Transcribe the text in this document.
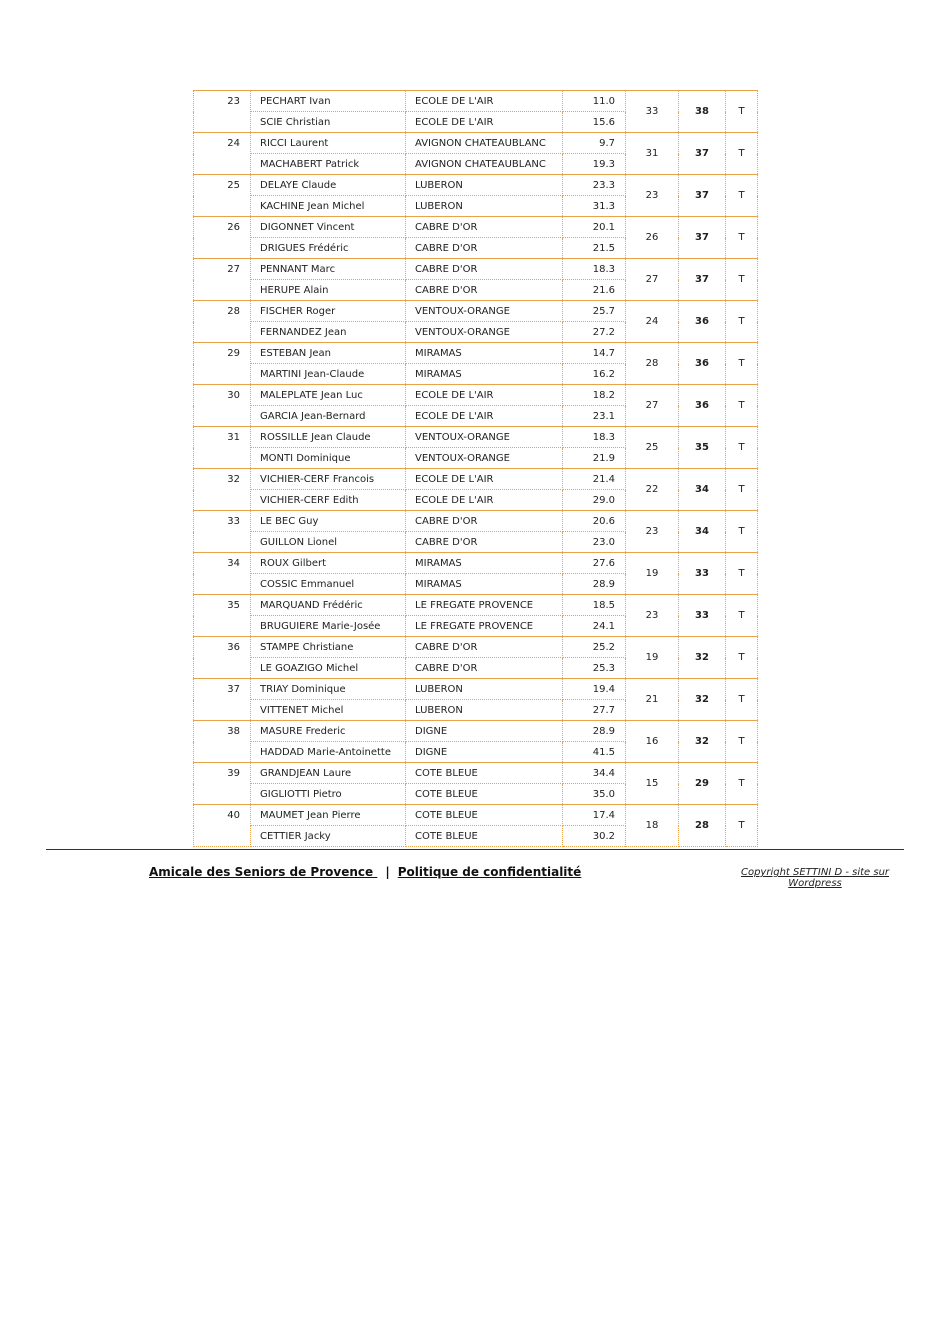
23	PECHART Ivan	ECOLE DE L'AIR	11.0	33	38	T
	SCIE Christian	ECOLE DE L'AIR	15.6			
24	RICCI Laurent	AVIGNON CHATEAUBLANC	9.7	31	37	T
	MACHABERT Patrick	AVIGNON CHATEAUBLANC	19.3			
25	DELAYE Claude	LUBERON	23.3	23	37	T
	KACHINE Jean Michel	LUBERON	31.3			
26	DIGONNET Vincent	CABRE D'OR	20.1	26	37	T
	DRIGUES Frédéric	CABRE D'OR	21.5			
27	PENNANT Marc	CABRE D'OR	18.3	27	37	T
	HERUPE Alain	CABRE D'OR	21.6			
28	FISCHER Roger	VENTOUX-ORANGE	25.7	24	36	T
	FERNANDEZ Jean	VENTOUX-ORANGE	27.2			
29	ESTEBAN Jean	MIRAMAS	14.7	28	36	T
	MARTINI Jean-Claude	MIRAMAS	16.2			
30	MALEPLATE Jean Luc	ECOLE DE L'AIR	18.2	27	36	T
	GARCIA Jean-Bernard	ECOLE DE L'AIR	23.1			
31	ROSSILLE Jean Claude	VENTOUX-ORANGE	18.3	25	35	T
	MONTI Dominique	VENTOUX-ORANGE	21.9			
32	VICHIER-CERF Francois	ECOLE DE L'AIR	21.4	22	34	T
	VICHIER-CERF Edith	ECOLE DE L'AIR	29.0			
33	LE BEC Guy	CABRE D'OR	20.6	23	34	T
	GUILLON Lionel	CABRE D'OR	23.0			
34	ROUX Gilbert	MIRAMAS	27.6	19	33	T
	COSSIC Emmanuel	MIRAMAS	28.9			
35	MARQUAND Frédéric	LE FREGATE PROVENCE	18.5	23	33	T
	BRUGUIERE Marie-Josée	LE FREGATE PROVENCE	24.1			
36	STAMPE Christiane	CABRE D'OR	25.2	19	32	T
	LE GOAZIGO Michel	CABRE D'OR	25.3			
37	TRIAY Dominique	LUBERON	19.4	21	32	T
	VITTENET Michel	LUBERON	27.7			
38	MASURE Frederic	DIGNE	28.9	16	32	T
	HADDAD Marie-Antoinette	DIGNE	41.5			
39	GRANDJEAN Laure	COTE BLEUE	34.4	15	29	T
	GIGLIOTTI Pietro	COTE BLEUE	35.0			
40	MAUMET Jean Pierre	COTE BLEUE	17.4	18	28	T
	CETTIER Jacky	COTE BLEUE	30.2			
Amicale des Seniors de Provence | Politique de confidentialité	Copyright SETTINI D - site sur
Wordpress
